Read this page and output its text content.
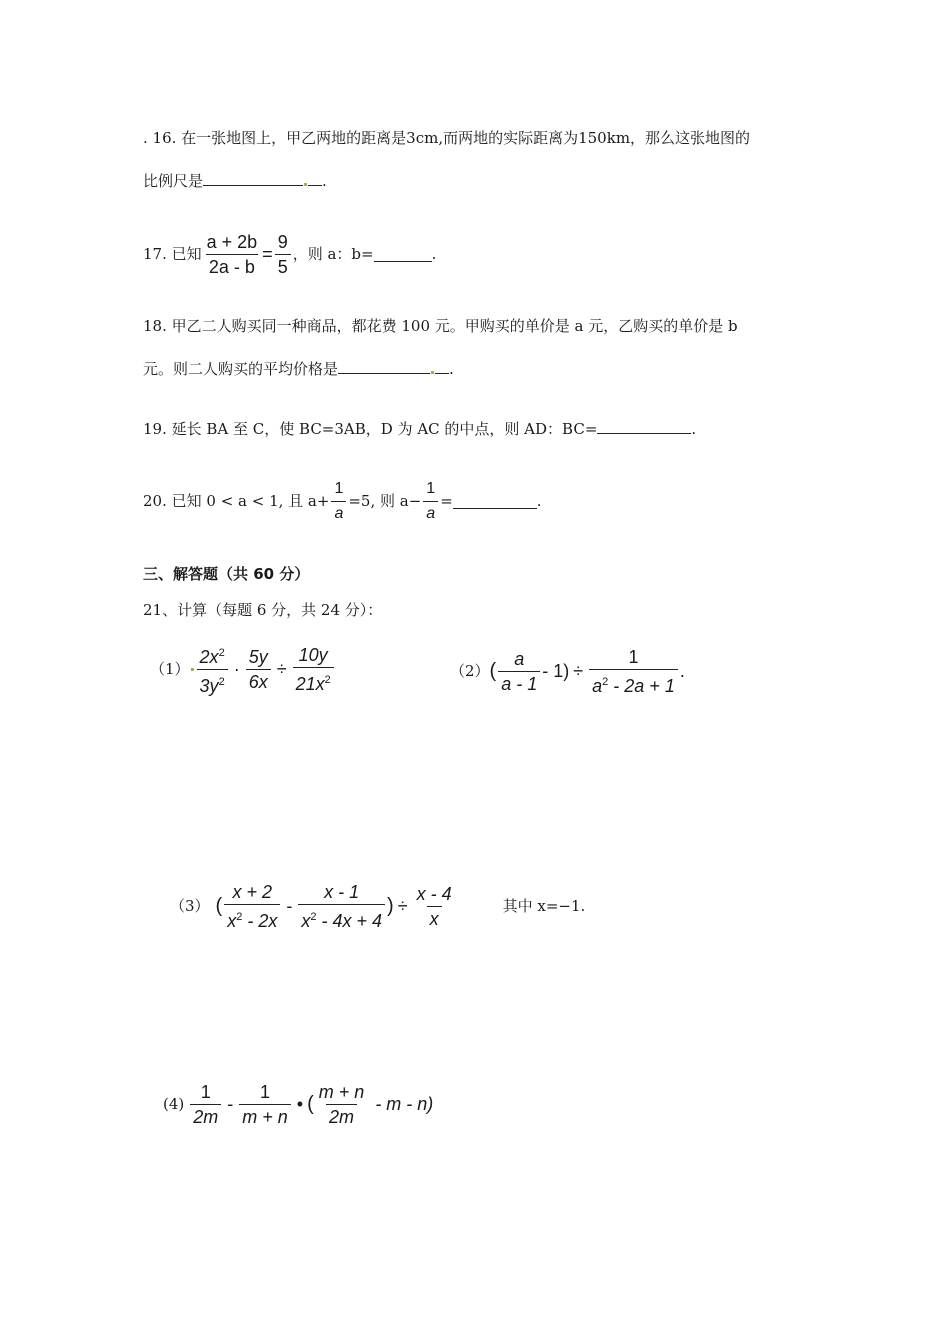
. 16. 在一张地图上，甲乙两地的距离是3cm,而两地的实际距离为150km，那么这张地图的
比例尺是	.
17. 已知 $\frac{a + 2b}{2a - b} = \frac{9}{5}$ ，则 a：b=	.
18. 甲乙二人购买同一种商品，都花费 100 元。甲购买的单价是 a 元，乙购买的单价是 b
元。则二人购买的平均价格是	.
19. 延长 BA 至 C，使 BC=3AB，D 为 AC 的中点，则 AD：BC=	.
20. 已知 0 < a < 1, 且 $a+ \frac{1}{a} =5$, 则 $a- \frac{1}{a}$ =	.
三、解答题（共 60 分）
21、计算（每题 6 分，共 24 分）：
$(1) \frac{2x^2}{3y^2} \cdot \frac{5y}{6x} \div \frac{10y}{21x^2}$	（2） ( $\frac{a}{a - 1} - 1) \div \frac{1}{a^2 - 2a + 1}$ .
（3） ( $\frac{x + 2}{x^2 - 2x} - \frac{x - 1}{x^2 - 4x + 4}$ ) ÷ $\frac{x - 4}{x}$	其中 x=−1.
$(4) \frac{1}{2m} - \frac{1}{m + n}$ • ( $\frac{m + n}{2m}$ - m - n)
